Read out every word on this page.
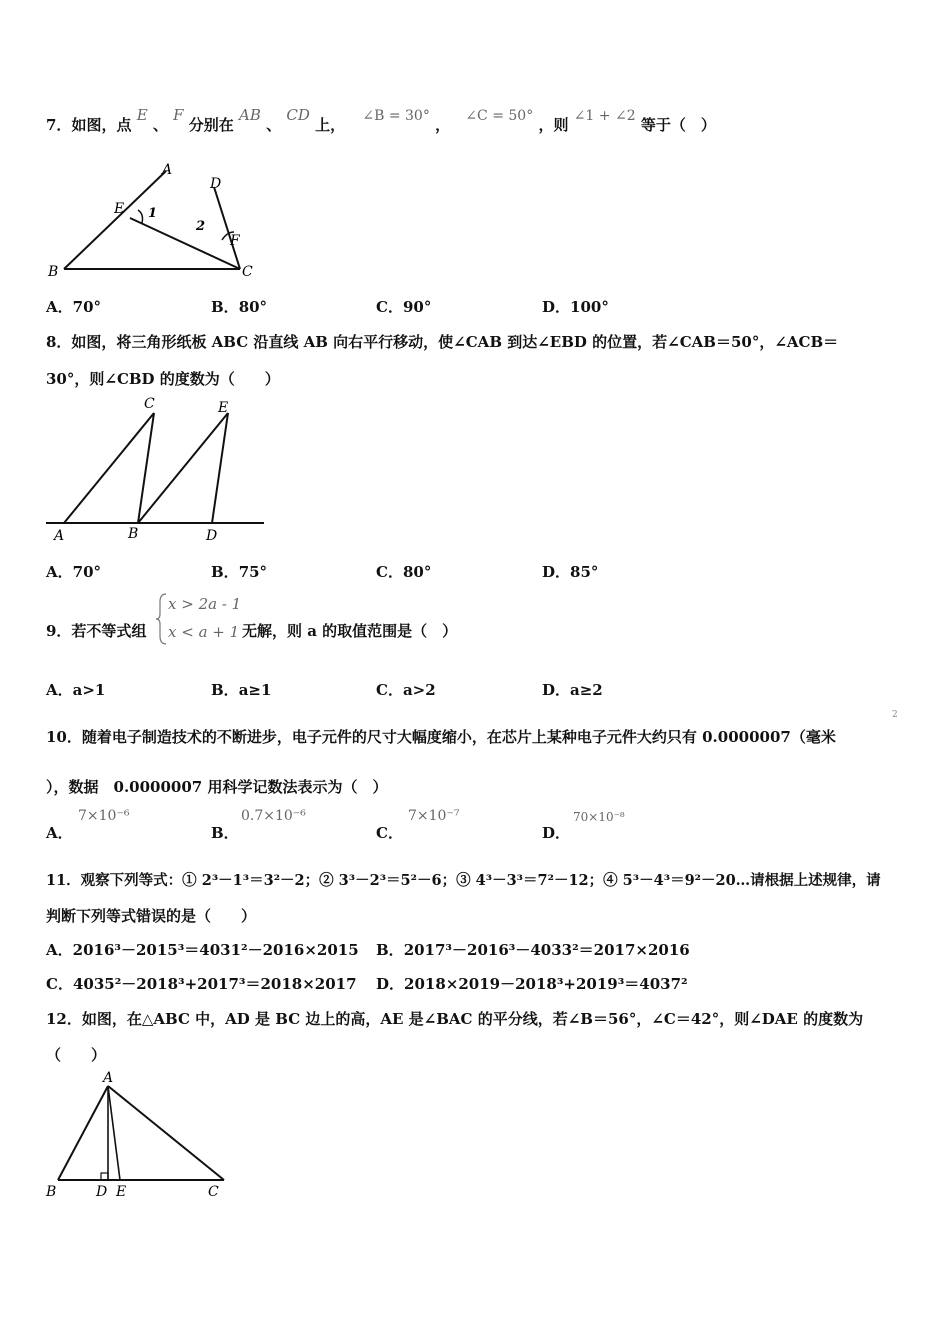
7．如图，点 E 、 F 分别在 AB 、 CD 上， ∠B = 30° ， ∠C = 50° ，则 ∠1 + ∠2 等于（　）
A
D
E 1
2
F
B	C
A．70°	B．80°	C．90°	D．100°
8．如图，将三角形纸板 ABC 沿直线 AB 向右平行移动，使∠CAB 到达∠EBD 的位置，若∠CAB＝50°，∠ACB＝
30°，则∠CBD 的度数为（　　）
C	E
A	B	D
A．70°	B．75°	C．80°	D．85°
9．若不等式组
x > 2a - 1
x < a + 1 无解，则 a 的取值范围是（　）
A．a>1	B．a≥1	C．a>2	D．a≥2
10．随着电子制造技术的不断进步，电子元件的尺寸大幅度缩小，在芯片上某种电子元件大约只有 0.0000007（毫米
2
），数据　0.0000007 用科学记数法表示为（　）
A．
7×10⁻⁶
B．
0.7×10⁻⁶
C．
7×10⁻⁷
D．
70×10⁻⁸
11．观察下列等式：① 2³－1³＝3²－2；② 3³－2³＝5²－6；③ 4³－3³＝7²－12；④ 5³－4³＝9²－20…请根据上述规律，请
判断下列等式错误的是（　　）
A．2016³－2015³＝4031²－2016×2015 B．2017³－2016³－4033²＝2017×2016
C．4035²－2018³+2017³＝2018×2017 D．2018×2019－2018³+2019³＝4037²
12．如图，在△ABC 中，AD 是 BC 边上的高，AE 是∠BAC 的平分线，若∠B＝56°，∠C＝42°，则∠DAE 的度数为
（　　）
A
B	D E	C
